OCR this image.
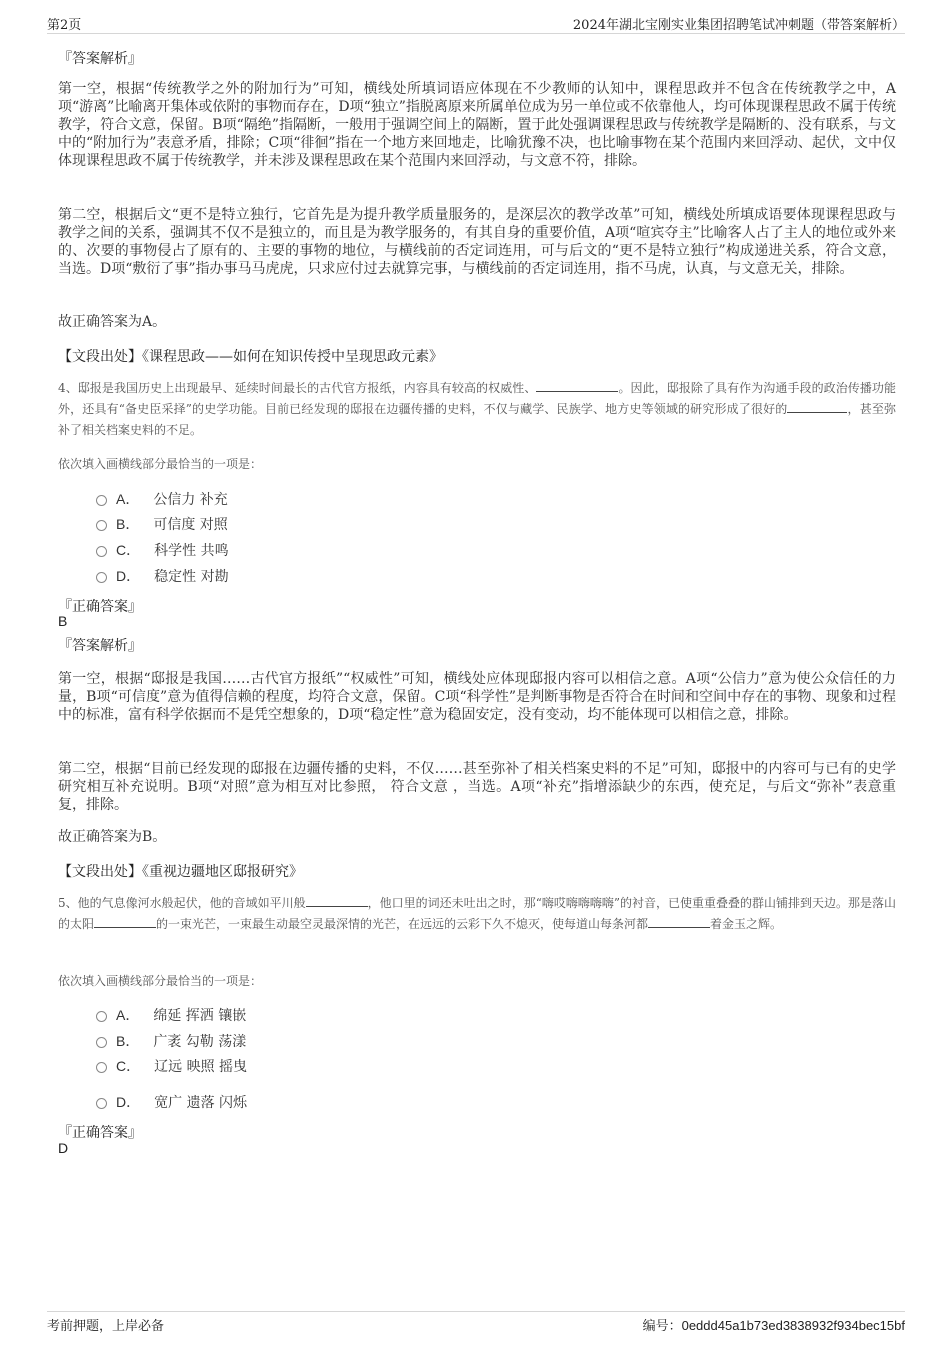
第2页	2024年湖北宝刚实业集团招聘笔试冲刺题（带答案解析）
『答案解析』
第一空，根据“传统教学之外的附加行为”可知，横线处所填词语应体现在不少教师的认知中，课程思政并不包含在传统教学之中，A项“游离”比喻离开集体或依附的事物而存在，D项“独立”指脱离原来所属单位成为另一单位或不依靠他人，均可体现课程思政不属于传统教学，符合文意，保留。B项“隔绝”指隔断，一般用于强调空间上的隔断，置于此处强调课程思政与传统教学是隔断的、没有联系，与文中的“附加行为”表意矛盾，排除；C项“徘徊”指在一个地方来回地走，比喻犹豫不决，也比喻事物在某个范围内来回浮动、起伏，文中仅体现课程思政不属于传统教学，并未涉及课程思政在某个范围内来回浮动，与文意不符，排除。
第二空，根据后文“更不是特立独行，它首先是为提升教学质量服务的，是深层次的教学改革”可知，横线处所填成语要体现课程思政与教学之间的关系，强调其不仅不是独立的，而且是为教学服务的，有其自身的重要价值，A项“喧宾夺主”比喻客人占了主人的地位或外来的、次要的事物侵占了原有的、主要的事物的地位，与横线前的否定词连用，可与后文的“更不是特立独行”构成递进关系，符合文意，当选。D项“敷衍了事”指办事马马虎虎，只求应付过去就算完事，与横线前的否定词连用，指不马虎，认真，与文意无关，排除。
故正确答案为A。
【文段出处】《课程思政——如何在知识传授中呈现思政元素》
4、邸报是我国历史上出现最早、延续时间最长的古代官方报纸，内容具有较高的权威性、	。因此，邸报除了具有作为沟通手段的政治传播功能外，还具有“备史臣采择”的史学功能。目前已经发现的邸报在边疆传播的史料，不仅与藏学、民族学、地方史等领域的研究形成了很好的	，甚至弥补了相关档案史料的不足。
依次填入画横线部分最恰当的一项是：
A． 公信力 补充
B． 可信度 对照
C． 科学性 共鸣
D． 稳定性 对勘
『正确答案』
B
『答案解析』
第一空，根据“邸报是我国……古代官方报纸”“权威性”可知，横线处应体现邸报内容可以相信之意。A项“公信力”意为使公众信任的力量，B项“可信度”意为值得信赖的程度，均符合文意，保留。C项“科学性”是判断事物是否符合在时间和空间中存在的事物、现象和过程中的标准，富有科学依据而不是凭空想象的，D项“稳定性”意为稳固安定，没有变动，均不能体现可以相信之意，排除。
第二空，根据“目前已经发现的邸报在边疆传播的史料，不仅……甚至弥补了相关档案史料的不足”可知，邸报中的内容可与已有的史学研究相互补充说明。B项“对照”意为相互对比参照， 符合文意 ，当选。A项“补充”指增添缺少的东西，使充足，与后文“弥补”表意重复，排除。
故正确答案为B。
【文段出处】《重视边疆地区邸报研究》
5、他的气息像河水般起伏，他的音域如平川般	，他口里的词还未吐出之时，那“嗨哎嗨嗨嗨嗨”的衬音，已使重重叠叠的群山铺排到天边。那是落山的太阳	的一束光芒，一束最生动最空灵最深情的光芒，在远远的云彩下久不熄灭，使每道山每条河都	着金玉之辉。
依次填入画横线部分最恰当的一项是：
A． 绵延 挥洒 镶嵌
B． 广袤 勾勒 荡漾
C． 辽远 映照 摇曳
D． 宽广 遗落 闪烁
『正确答案』
D
考前押题，上岸必备	编号：0eddd45a1b73ed3838932f934bec15bf
